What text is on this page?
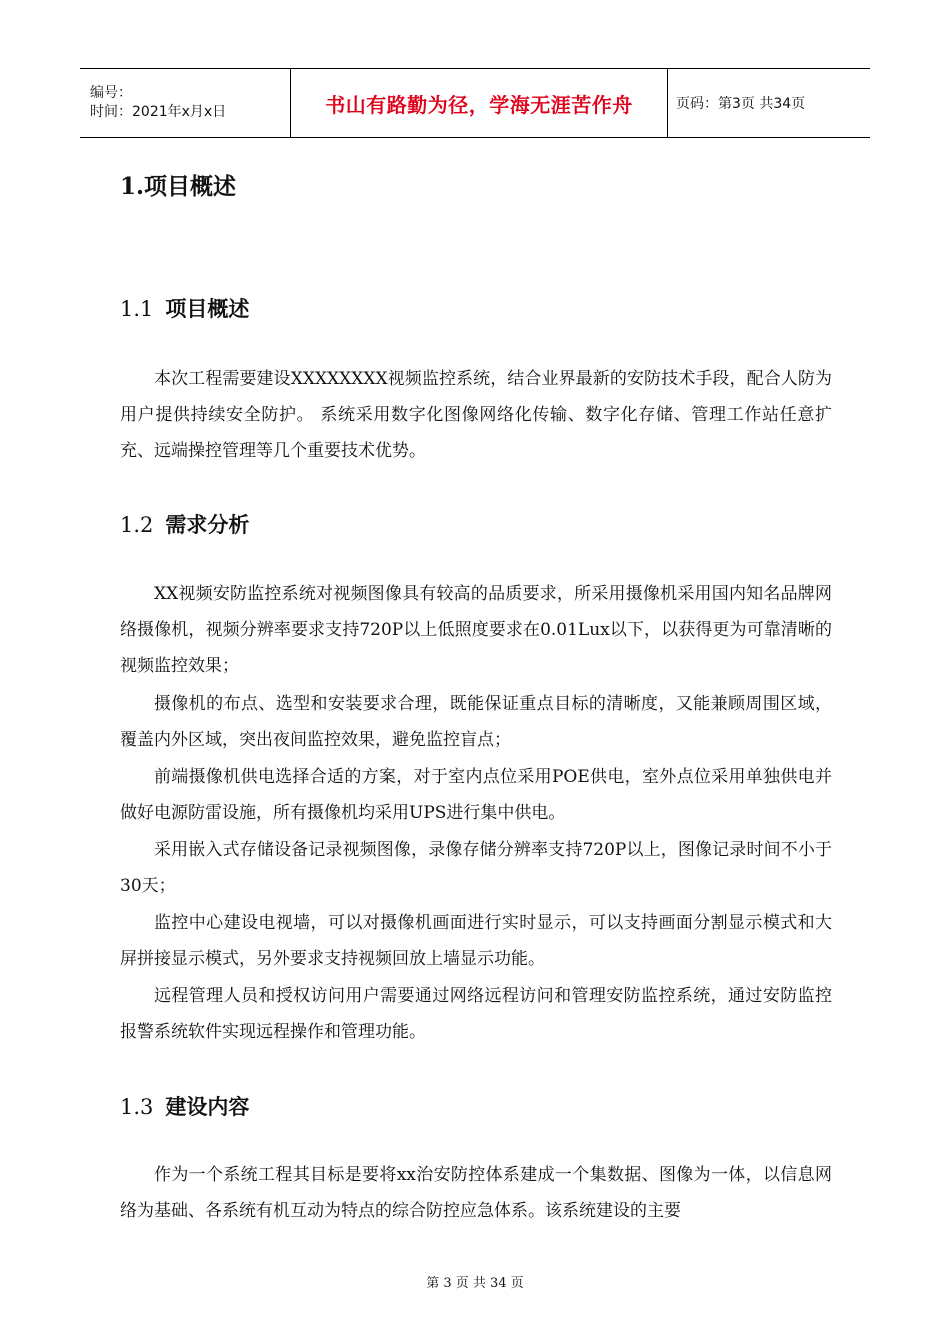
编号：
时间：2021年x月x日	书山有路勤为径，学海无涯苦作舟	页码：第3页 共34页
1.项目概述
1.1 项目概述

本次工程需要建设XXXXXXXX视频监控系统，结合业界最新的安防技术手段，配合人防为用户提供持续安全防护。 系统采用数字化图像网络化传输、数字化存储、管理工作站任意扩充、远端操控管理等几个重要技术优势。

1.2 需求分析

XX视频安防监控系统对视频图像具有较高的品质要求，所采用摄像机采用国内知名品牌网络摄像机，视频分辨率要求支持720P以上低照度要求在0.01Lux以下，以获得更为可靠清晰的视频监控效果；

摄像机的布点、选型和安装要求合理，既能保证重点目标的清晰度，又能兼顾周围区域，覆盖内外区域，突出夜间监控效果，避免监控盲点；

前端摄像机供电选择合适的方案，对于室内点位采用POE供电，室外点位采用单独供电并做好电源防雷设施，所有摄像机均采用UPS进行集中供电。

采用嵌入式存储设备记录视频图像，录像存储分辨率支持720P以上，图像记录时间不小于30天；

监控中心建设电视墙，可以对摄像机画面进行实时显示，可以支持画面分割显示模式和大屏拼接显示模式，另外要求支持视频回放上墙显示功能。

远程管理人员和授权访问用户需要通过网络远程访问和管理安防监控系统，通过安防监控报警系统软件实现远程操作和管理功能。

1.3 建设内容

作为一个系统工程其目标是要将xx治安防控体系建成一个集数据、图像为一体，以信息网络为基础、各系统有机互动为特点的综合防控应急体系。该系统建设的主要

第 3 页 共 34 页
